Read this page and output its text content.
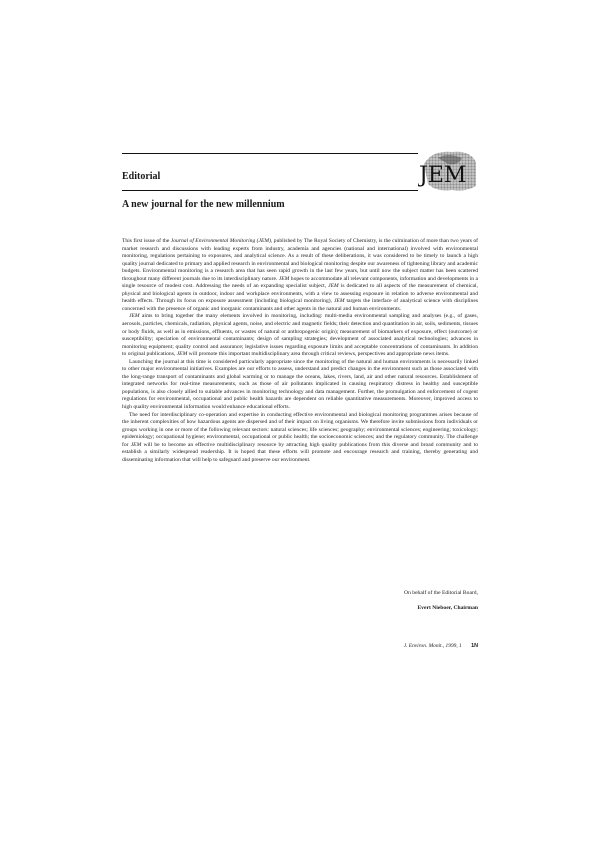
JEM
Editorial
A new journal for the new millennium

This first issue of the Journal of Environmental Monitoring (JEM), published by The Royal Society of Chemistry, is the culmination of more than two years of market research and discussions with leading experts from industry, academia and agencies (national and international) involved with environmental monitoring, regulations pertaining to exposures, and analytical science. As a result of these deliberations, it was considered to be timely to launch a high quality journal dedicated to primary and applied research in environmental and biological monitoring despite our awareness of tightening library and academic budgets. Environmental monitoring is a research area that has seen rapid growth in the last few years, but until now the subject matter has been scattered throughout many different journals due to its interdisciplinary nature. JEM hopes to accommodate all relevant components, information and developments in a single resource of modest cost. Addressing the needs of an expanding specialist subject, JEM is dedicated to all aspects of the measurement of chemical, physical and biological agents in outdoor, indoor and workplace environments, with a view to assessing exposure in relation to adverse environmental and health effects. Through its focus on exposure assessment (including biological monitoring), JEM targets the interface of analytical science with disciplines concerned with the presence of organic and inorganic contaminants and other agents in the natural and human environments.

JEM aims to bring together the many elements involved in monitoring, including: multi-media environmental sampling and analyses (e.g., of gases, aerosols, particles, chemicals, radiation, physical agents, noise, and electric and magnetic fields; their detection and quantitation in air, soils, sediments, tissues or body fluids, as well as in emissions, effluents, or wastes of natural or anthropogenic origin); measurement of biomarkers of exposure, effect (outcome) or susceptibility; speciation of environmental contaminants; design of sampling strategies; development of associated analytical technologies; advances in monitoring equipment; quality control and assurance; legislative issues regarding exposure limits and acceptable concentrations of contaminants. In addition to original publications, JEM will promote this important multidisciplinary area through critical reviews, perspectives and appropriate news items.

Launching the journal at this time is considered particularly appropriate since the monitoring of the natural and human environments is necessarily linked to other major environmental initiatives. Examples are our efforts to assess, understand and predict changes in the environment such as those associated with the long-range transport of contaminants and global warming or to manage the oceans, lakes, rivers, land, air and other natural resources. Establishment of integrated networks for real-time measurements, such as those of air pollutants implicated in causing respiratory distress in healthy and susceptible populations, is also closely allied to suitable advances in monitoring technology and data management. Further, the promulgation and enforcement of cogent regulations for environmental, occupational and public health hazards are dependent on reliable quantitative measurements. Moreover, improved access to high quality environmental information would enhance educational efforts.

The need for interdisciplinary co-operation and expertise in conducting effective environmental and biological monitoring programmes arises because of the inherent complexities of how hazardous agents are dispersed and of their impact on living organisms. We therefore invite submissions from individuals or groups working in one or more of the following relevant sectors: natural sciences; life sciences; geography; environmental sciences; engineering; toxicology; epidemiology; occupational hygiene; environmental, occupational or public health; the socioeconomic sciences; and the regulatory community. The challenge for JEM will be to become an effective multidisciplinary resource by attracting high quality publications from this diverse and broad community and to establish a similarly widespread readership. It is hoped that these efforts will promote and encourage research and training, thereby generating and disseminating information that will help to safeguard and preserve our environment.

On behalf of the Editorial Board,
Evert Nieboer, Chairman
J. Environ. Monit., 1999, 1 1N
